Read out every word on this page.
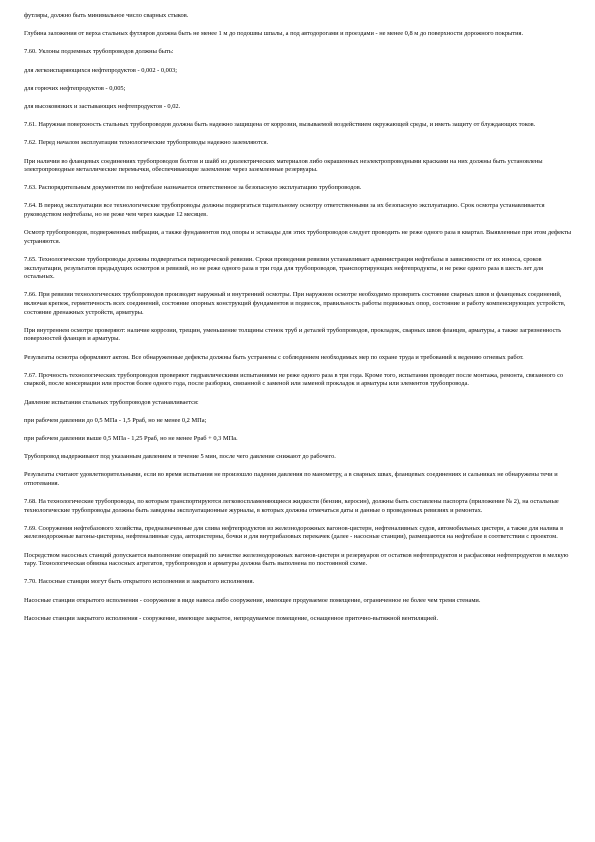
футляры, должно быть минимальное число сварных стыков.

Глубина заложения от верха стальных футляров должна быть не менее 1 м до подошвы шпалы, а под автодорогами и проездами - не менее 0,8 м до поверхности дорожного покрытия.

7.60. Уклоны подземных трубопроводов должны быть:

для легкоиспаряющихся нефтепродуктов - 0,002 - 0,003;

для горючих нефтепродуктов - 0,005;

для высоковязких и застывающих нефтепродуктов - 0,02.

7.61. Наружная поверхность стальных трубопроводов должна быть надежно защищена от коррозии, вызываемой воздействием окружающей среды, и иметь защиту от блуждающих токов.

7.62. Перед началом эксплуатации технологические трубопроводы надежно заземляются.

При наличии во фланцевых соединениях трубопроводов болтов и шайб из диэлектрических материалов либо окрашенных неэлектропроводными красками на них должны быть установлены электропроводные металлические перемычки, обеспечивающие заземление через заземленные резервуары.

7.63. Распорядительным документом по нефтебазе назначается ответственное за безопасную эксплуатацию трубопроводов.

7.64. В период эксплуатации все технологические трубопроводы должны подвергаться тщательному осмотру ответственными за их безопасную эксплуатацию. Срок осмотра устанавливается руководством нефтебазы, но не реже чем через каждые 12 месяцев.

Осмотр трубопроводов, подверженных вибрации, а также фундаментов под опоры и эстакады для этих трубопроводов следует проводить не реже одного раза в квартал. Выявленные при этом дефекты устраняются.

7.65. Технологические трубопроводы должны подвергаться периодической ревизии. Сроки проведения ревизии устанавливает администрация нефтебазы в зависимости от их износа, сроков эксплуатации, результатов предыдущих осмотров и ревизий, но не реже одного раза в три года для трубопроводов, транспортирующих нефтепродукты, и не реже одного раза в шесть лет для остальных.

7.66. При ревизии технологических трубопроводов производят наружный и внутренний осмотры. При наружном осмотре необходимо проверить состояние сварных швов и фланцевых соединений, включая крепеж, герметичность всех соединений, состояние опорных конструкций фундаментов и подвесок, правильность работы подвижных опор, состояние и работу компенсирующих устройств, состояние дренажных устройств, арматуры.

При внутреннем осмотре проверяют: наличие коррозии, трещин, уменьшение толщины стенок труб и деталей трубопроводов, прокладок, сварных швов фланцев, арматуры, а также загрязненность поверхностей фланцев и арматуры.

Результаты осмотра оформляют актом. Все обнаруженные дефекты должны быть устранены с соблюдением необходимых мер по охране труда и требований к ведению огневых работ.

7.67. Прочность технологических трубопроводов проверяют гидравлическими испытаниями не реже одного раза в три года. Кроме того, испытания проводят после монтажа, ремонта, связанного со сваркой, после консервации или простоя более одного года, после разборки, связанной с заменой или заменой прокладок и арматуры или элементов трубопровода.

Давление испытания стальных трубопроводов устанавливается:

при рабочем давлении до 0,5 МПа - 1,5 Рраб, но не менее 0,2 МПа;

при рабочем давлении выше 0,5 МПа - 1,25 Рраб, но не менее Рраб + 0,3 МПа.

Трубопровод выдерживают под указанным давлением в течение 5 мин, после чего давление снижают до рабочего.

Результаты считают удовлетворительными, если во время испытания не произошло падения давления по манометру, а в сварных швах, фланцевых соединениях и сальниках не обнаружены течи и отпотевания.

7.68. На технологические трубопроводы, по которым транспортируются легковоспламеняющиеся жидкости (бензин, керосин), должны быть составлены паспорта (приложение № 2), на остальные технологические трубопроводы должны быть заведены эксплуатационные журналы, в которых должны отмечаться даты и данные о проведенных ревизиях и ремонтах.

7.69. Сооружения нефтебазового хозяйства, предназначенные для слива нефтепродуктов из железнодорожных вагонов-цистерн, нефтеналивных судов, автомобильных цистерн, а также для налива в железнодорожные вагоны-цистерны, нефтеналивные суда, автоцистерны, бочки и для внутрибазовых перекачек (далее - насосные станции), размещаются на нефтебазе в соответствии с проектом.

Посредством насосных станций допускается выполнение операций по зачистке железнодорожных вагонов-цистерн и резервуаров от остатков нефтепродуктов и расфасовки нефтепродуктов в мелкую тару. Технологическая обвязка насосных агрегатов, трубопроводов и арматуры должна быть выполнена по постоянной схеме.

7.70. Насосные станции могут быть открытого исполнения и закрытого исполнения.

Насосные станции открытого исполнения - сооружение в виде навеса либо сооружение, имеющее продуваемое помещение, ограниченное не более чем тремя стенами.

Насосные станции закрытого исполнения - сооружение, имеющее закрытое, непродуваемое помещение, оснащенное приточно-вытяжной вентиляцией.
